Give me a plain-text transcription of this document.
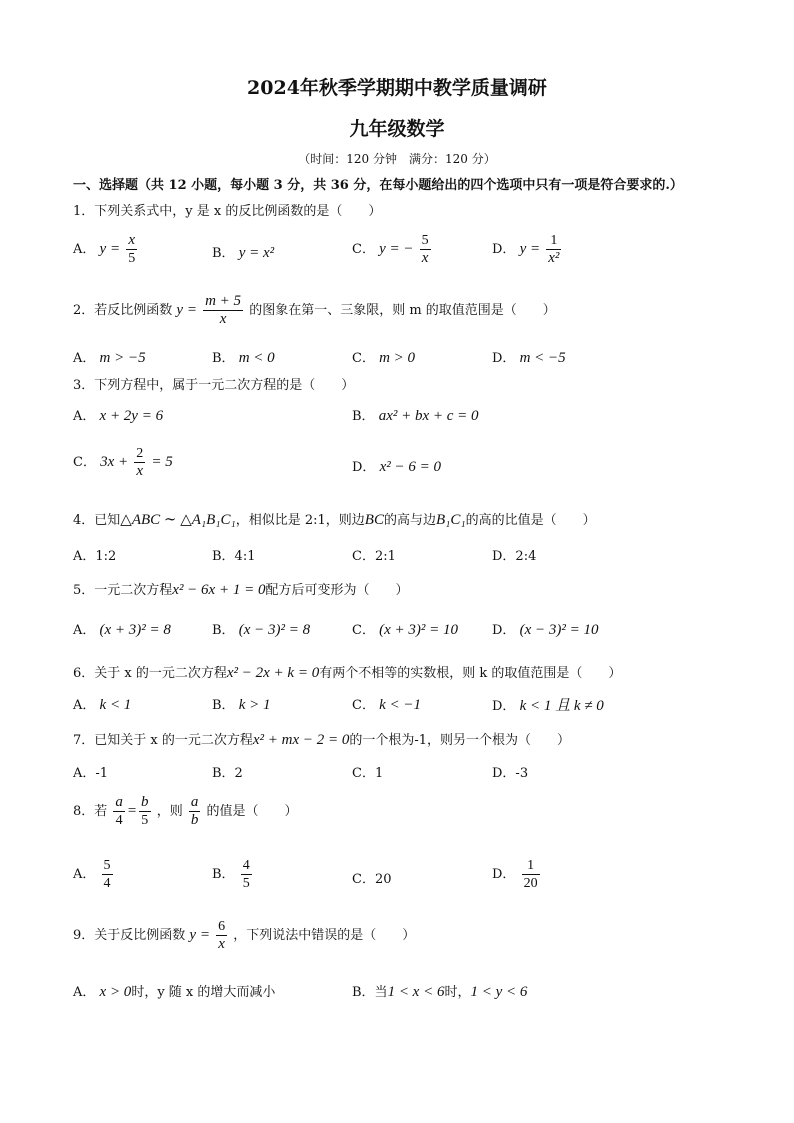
2024年秋季学期期中教学质量调研
九年级数学
（时间：120 分钟　满分：120 分）
一、选择题（共 12 小题，每小题 3 分，共 36 分，在每小题给出的四个选项中只有一项是符合要求的.）
1．下列关系式中，y 是 x 的反比例函数的是（　　）
A． $y = \frac{x}{5}$	B． y = x²	C． y = − $\frac{5}{x}$	D． $y = \frac{1}{\text{x²}}$
2．若反比例函数 $y = \frac{m + 5}{x}$ 的图象在第一、三象限，则 m 的取值范围是（　　）
A． m > −5	B． m < 0	C． m > 0	D． m < −5
3．下列方程中，属于一元二次方程的是（　　）
A． x + 2y = 6	B． ax² + bx + c = 0
C． $3x + \frac{2}{x} = 5$	D． x² − 6 = 0
4．已知△ABC ∼ △A₁B₁C₁，相似比是 2:1，则边BC的高与边B₁C₁的高的比值是（　　）
A．1:2	B．4:1	C．2:1	D．2:4
5．一元二次方程x² − 6x + 1 = 0配方后可变形为（　　）
A． (x + 3)² = 8	B． (x − 3)² = 8	C． (x + 3)² = 10	D． (x − 3)² = 10
6．关于 x 的一元二次方程x² − 2x + k = 0有两个不相等的实数根，则 k 的取值范围是（　　）
A． k < 1	B． k > 1	C． k < −1	D． k < 1 且 k ≠ 0
7．已知关于 x 的一元二次方程x² + mx − 2 = 0的一个根为-1，则另一个根为（　　）
A．-1	B．2	C．1	D．-3
8．若 $\frac{a}{4} = \frac{b}{5}$ ，则 $\frac{a}{b}$ 的值是（　　）
A． $\frac{5}{4}$	B． $\frac{4}{5}$	C．20	D． $\frac{1}{20}$
9．关于反比例函数 $y = \frac{6}{x}$ ，下列说法中错误的是（　　）
A． x > 0时，y 随 x 的增大而减小	B．当1 < x < 6时，1 < y < 6
